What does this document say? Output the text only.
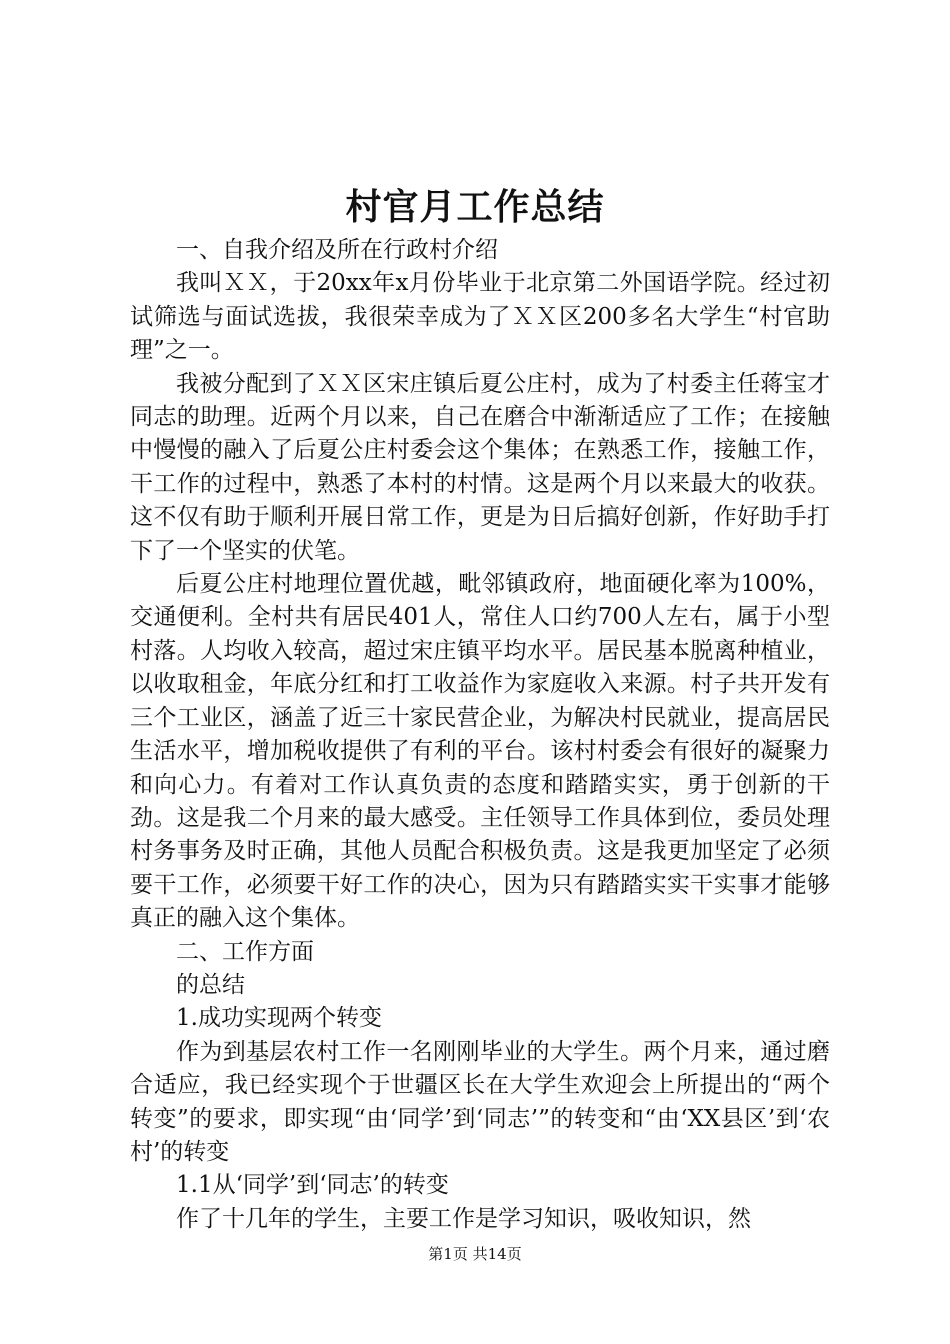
村官月工作总结

一、自我介绍及所在行政村介绍

我叫ＸＸ，于20xx年x月份毕业于北京第二外国语学院。经过初试筛选与面试选拔，我很荣幸成为了ＸＸ区200多名大学生“村官助理”之一。

我被分配到了ＸＸ区宋庄镇后夏公庄村，成为了村委主任蒋宝才同志的助理。近两个月以来，自己在磨合中渐渐适应了工作；在接触中慢慢的融入了后夏公庄村委会这个集体；在熟悉工作，接触工作，干工作的过程中，熟悉了本村的村情。这是两个月以来最大的收获。这不仅有助于顺利开展日常工作，更是为日后搞好创新，作好助手打下了一个坚实的伏笔。

后夏公庄村地理位置优越，毗邻镇政府，地面硬化率为100%，交通便利。全村共有居民401人，常住人口约700人左右，属于小型村落。人均收入较高，超过宋庄镇平均水平。居民基本脱离种植业，以收取租金，年底分红和打工收益作为家庭收入来源。村子共开发有三个工业区，涵盖了近三十家民营企业，为解决村民就业，提高居民生活水平，增加税收提供了有利的平台。该村村委会有很好的凝聚力和向心力。有着对工作认真负责的态度和踏踏实实，勇于创新的干劲。这是我二个月来的最大感受。主任领导工作具体到位，委员处理村务事务及时正确，其他人员配合积极负责。这是我更加坚定了必须要干工作，必须要干好工作的决心，因为只有踏踏实实干实事才能够真正的融入这个集体。

二、工作方面

的总结

1.成功实现两个转变

作为到基层农村工作一名刚刚毕业的大学生。两个月来，通过磨合适应，我已经实现个于世疆区长在大学生欢迎会上所提出的“两个转变”的要求，即实现“由‘同学’到‘同志’”的转变和“由‘XX县区’到‘农村’的转变

1.1从‘同学’到‘同志’的转变

作了十几年的学生，主要工作是学习知识，吸收知识，然

第1页 共14页
